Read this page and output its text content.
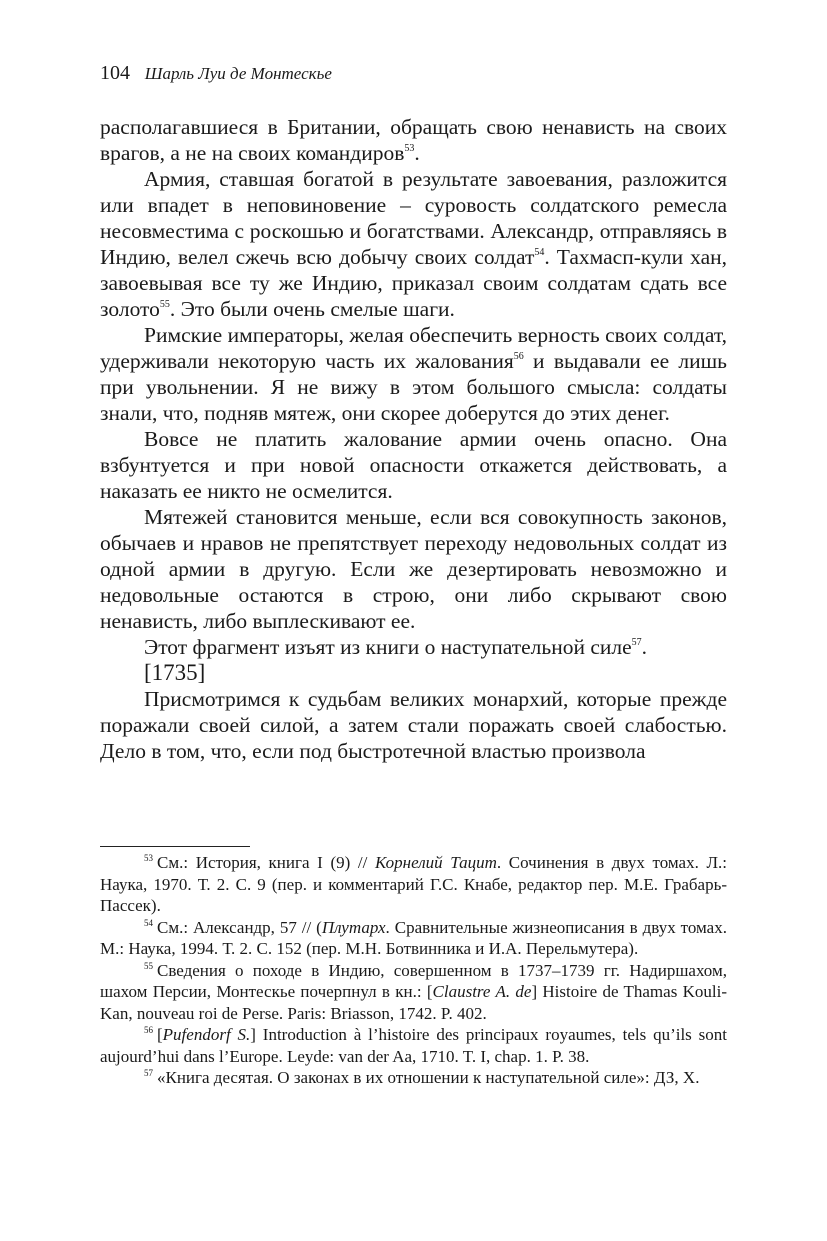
104 Шарль Луи де Монтескье

располагавшиеся в Британии, обращать свою ненависть на своих врагов, а не на своих командиров$^{53}$.

Армия, ставшая богатой в результате завоевания, разложится или впадет в неповиновение – суровость солдатского ремесла несовместима с роскошью и богатствами. Александр, отправляясь в Индию, велел сжечь всю добычу своих солдат$^{54}$. Тахмасп-кули хан, завоевывая все ту же Индию, приказал своим солдатам сдать все золото$^{55}$. Это были очень смелые шаги.

Римские императоры, желая обеспечить верность своих солдат, удерживали некоторую часть их жалования$^{56}$ и выдавали ее лишь при увольнении. Я не вижу в этом большого смысла: солдаты знали, что, подняв мятеж, они скорее доберутся до этих денег.

Вовсе не платить жалование армии очень опасно. Она взбунтуется и при новой опасности откажется действовать, а наказать ее никто не осмелится.

Мятежей становится меньше, если вся совокупность законов, обычаев и нравов не препятствует переходу недовольных солдат из одной армии в другую. Если же дезертировать невозможно и недовольные остаются в строю, они либо скрывают свою ненависть, либо выплескивают ее.

Этот фрагмент изъят из книги о наступательной силе$^{57}$.

[1735]

Присмотримся к судьбам великих монархий, которые прежде поражали своей силой, а затем стали поражать своей слабостью. Дело в том, что, если под быстротечной властью произвола

$^{53}$ См.: История, книга I (9) // Корнелий Тацит. Сочинения в двух томах. Л.: Наука, 1970. Т. 2. С. 9 (пер. и комментарий Г.С. Кнабе, редактор пер. М.Е. Грабарь-Пассек).

$^{54}$ См.: Александр, 57 // (Плутарх. Сравнительные жизнеописания в двух томах. М.: Наука, 1994. Т. 2. С. 152 (пер. М.Н. Ботвинника и И.А. Перельмутера).

$^{55}$ Сведения о походе в Индию, совершенном в 1737–1739 гг. Надиршахом, шахом Персии, Монтескье почерпнул в кн.: [Claustre A. de] Histoire de Thamas Kouli-Kan, nouveau roi de Perse. Paris: Briasson, 1742. P. 402.

$^{56}$ [Pufendorf S.] Introduction à l’histoire des principaux royaumes, tels qu’ils sont aujourd’hui dans l’Europe. Leyde: van der Aa, 1710. T. I, chap. 1. P. 38.

$^{57}$ «Книга десятая. О законах в их отношении к наступательной силе»: ДЗ, Х.
